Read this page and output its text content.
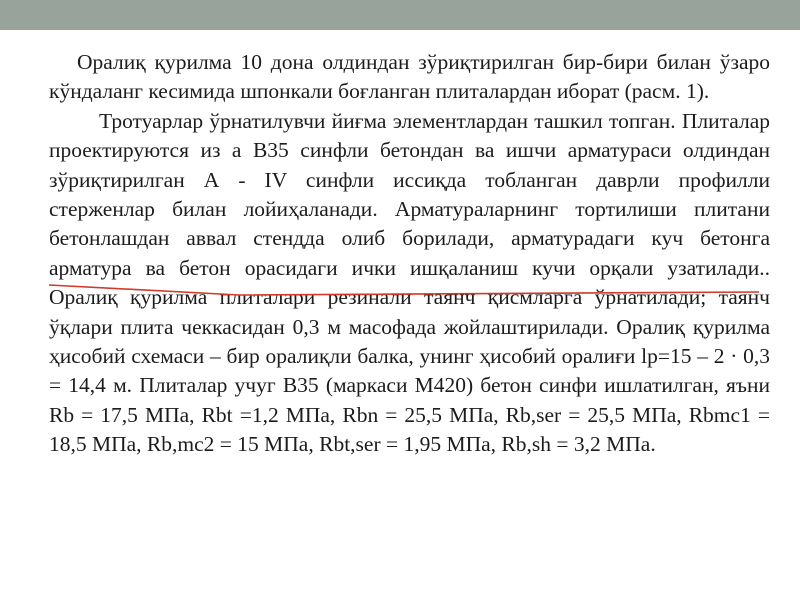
Оралиқ қурилма 10 дона олдиндан зўриқтирилган бир-бири билан ўзаро кўндаланг кесимида шпонкали боғланган плиталардан иборат (расм. 1).

Тротуарлар ўрнатилувчи йиғма элементлардан ташкил топган. Плиталар проектируются из а В35 синфли бетондан ва ишчи арматураси олдиндан зўриқтирилган А - IV синфли иссиқда тобланган даврли профилли стерженлар билан лойиҳаланади. Арматураларнинг тортилиши плитани бетонлашдан аввал стендда олиб борилади, арматурадаги куч бетонга арматура ва бетон орасидаги ички ишқаланиш кучи орқали узатилади.. Оралиқ қурилма плиталари резинали таянч қисмларга ўрнатилади; таянч ўқлари плита чеккасидан 0,3 м масофада жойлаштирилади. Оралиқ қурилма ҳисобий схемаси – бир оралиқли балка, унинг ҳисобий оралиғи lp=15 – 2 · 0,3 = 14,4 м. Плиталар учуг В35 (маркаси М420) бетон синфи ишлатилган, яъни Rb = 17,5 МПа, Rbt =1,2 МПа, Rbn = 25,5 МПа, Rb,ser = 25,5 МПа, Rbmc1 = 18,5 МПа, Rb,mc2 = 15 МПа, Rbt,ser = 1,95 МПа, Rb,sh = 3,2 МПа.
